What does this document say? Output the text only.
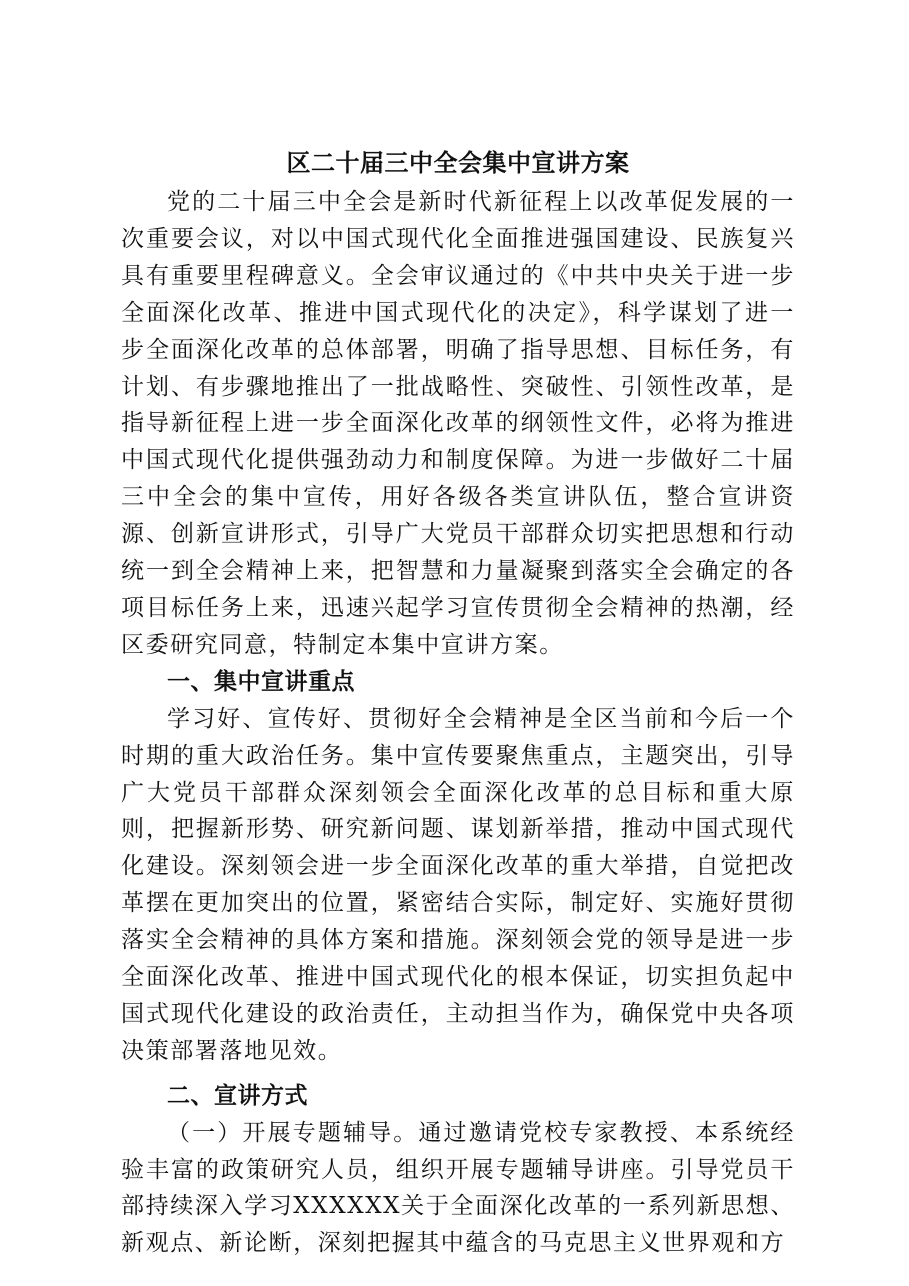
区二十届三中全会集中宣讲方案

党的二十届三中全会是新时代新征程上以改革促发展的一次重要会议，对以中国式现代化全面推进强国建设、民族复兴具有重要里程碑意义。全会审议通过的《中共中央关于进一步全面深化改革、推进中国式现代化的决定》，科学谋划了进一步全面深化改革的总体部署，明确了指导思想、目标任务，有计划、有步骤地推出了一批战略性、突破性、引领性改革，是指导新征程上进一步全面深化改革的纲领性文件，必将为推进中国式现代化提供强劲动力和制度保障。为进一步做好二十届三中全会的集中宣传，用好各级各类宣讲队伍，整合宣讲资源、创新宣讲形式，引导广大党员干部群众切实把思想和行动统一到全会精神上来，把智慧和力量凝聚到落实全会确定的各项目标任务上来，迅速兴起学习宣传贯彻全会精神的热潮，经区委研究同意，特制定本集中宣讲方案。

一、集中宣讲重点

学习好、宣传好、贯彻好全会精神是全区当前和今后一个时期的重大政治任务。集中宣传要聚焦重点，主题突出，引导广大党员干部群众深刻领会全面深化改革的总目标和重大原则，把握新形势、研究新问题、谋划新举措，推动中国式现代化建设。深刻领会进一步全面深化改革的重大举措，自觉把改革摆在更加突出的位置，紧密结合实际，制定好、实施好贯彻落实全会精神的具体方案和措施。深刻领会党的领导是进一步全面深化改革、推进中国式现代化的根本保证，切实担负起中国式现代化建设的政治责任，主动担当作为，确保党中央各项决策部署落地见效。

二、宣讲方式

（一）开展专题辅导。通过邀请党校专家教授、本系统经验丰富的政策研究人员，组织开展专题辅导讲座。引导党员干部持续深入学习XXXXXX关于全面深化改革的一系列新思想、新观点、新论断，深刻把握其中蕴含的马克思主义世界观和方
